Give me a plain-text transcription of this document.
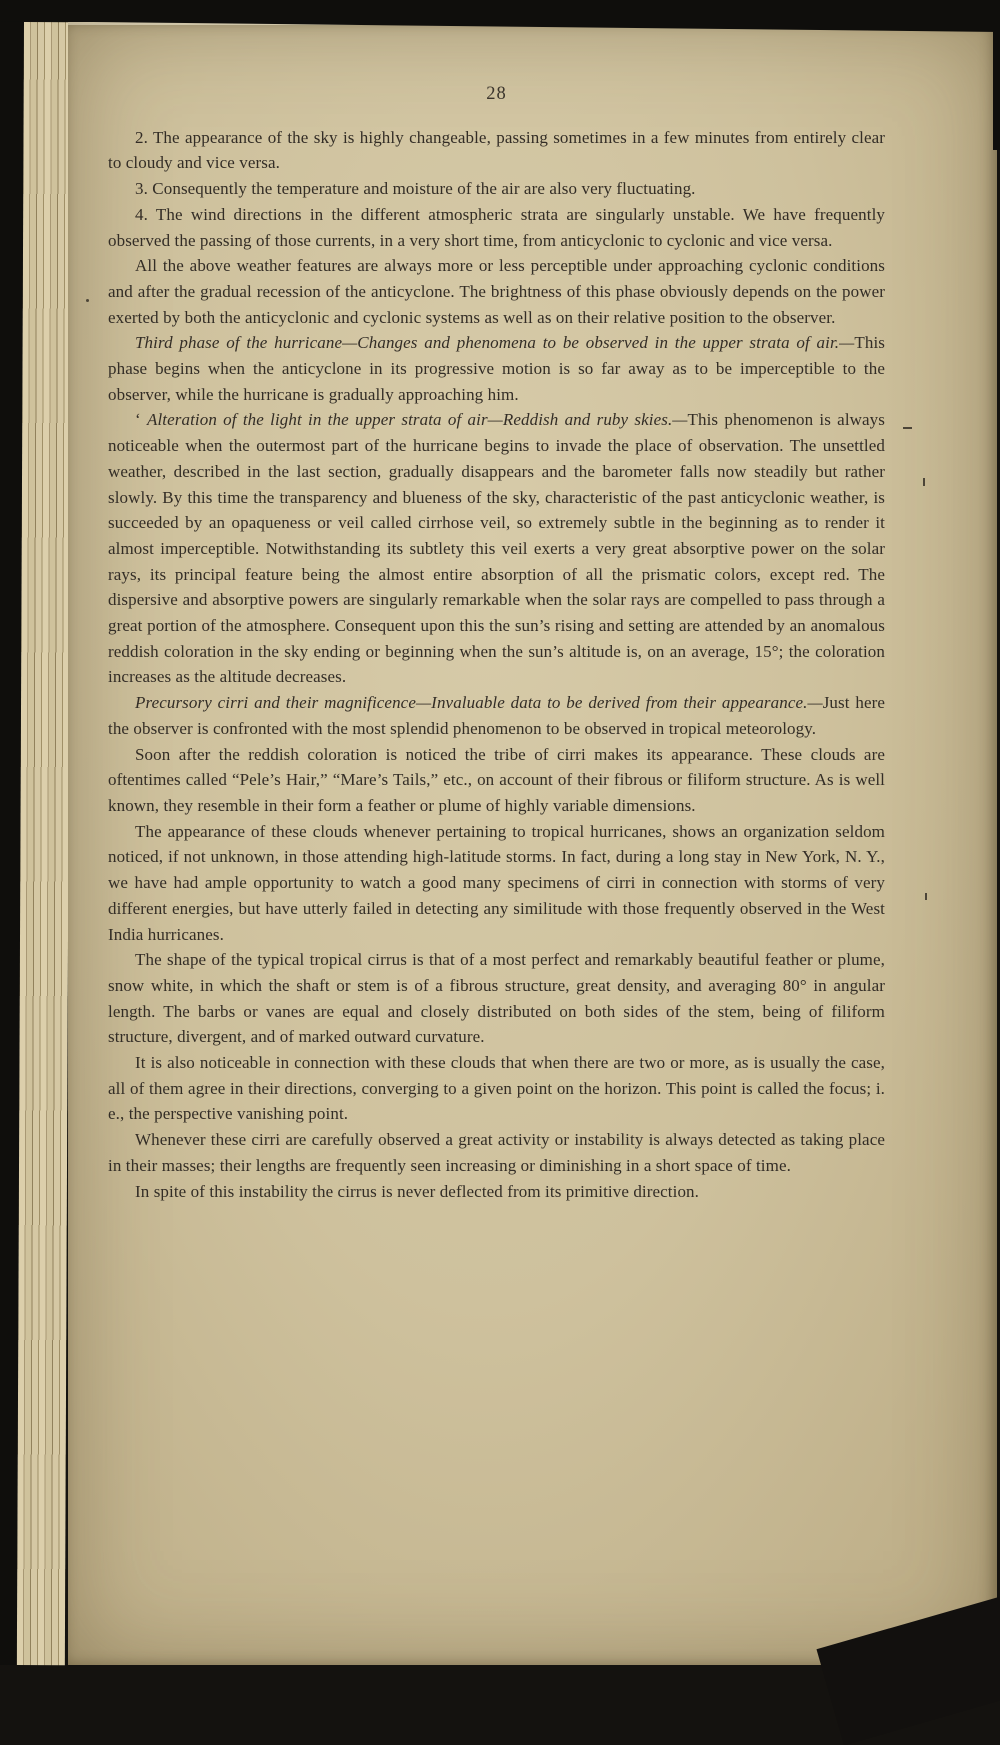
28

2. The appearance of the sky is highly changeable, passing sometimes in a few minutes from entirely clear to cloudy and vice versa.

3. Consequently the temperature and moisture of the air are also very fluctuating.

4. The wind directions in the different atmospheric strata are singularly unstable. We have frequently observed the passing of those currents, in a very short time, from anticyclonic to cyclonic and vice versa.

All the above weather features are always more or less perceptible under approaching cyclonic conditions and after the gradual recession of the anticyclone. The brightness of this phase obviously depends on the power exerted by both the anticyclonic and cyclonic systems as well as on their relative position to the observer.

Third phase of the hurricane—Changes and phenomena to be observed in the upper strata of air.—This phase begins when the anticyclone in its progressive motion is so far away as to be imperceptible to the observer, while the hurricane is gradually approaching him.

‘ Alteration of the light in the upper strata of air—Reddish and ruby skies.—This phenomenon is always noticeable when the outermost part of the hurricane begins to invade the place of observation. The unsettled weather, described in the last section, gradually disappears and the barometer falls now steadily but rather slowly. By this time the transparency and blueness of the sky, characteristic of the past anticyclonic weather, is succeeded by an opaqueness or veil called cirrhose veil, so extremely subtle in the beginning as to render it almost imperceptible. Notwithstanding its subtlety this veil exerts a very great absorptive power on the solar rays, its principal feature being the almost entire absorption of all the prismatic colors, except red. The dispersive and absorptive powers are singularly remarkable when the solar rays are compelled to pass through a great portion of the atmosphere. Consequent upon this the sun’s rising and setting are attended by an anomalous reddish coloration in the sky ending or beginning when the sun’s altitude is, on an average, 15°; the coloration increases as the altitude decreases.

Precursory cirri and their magnificence—Invaluable data to be derived from their appearance.—Just here the observer is confronted with the most splendid phenomenon to be observed in tropical meteorology.

Soon after the reddish coloration is noticed the tribe of cirri makes its appearance. These clouds are oftentimes called “Pele’s Hair,” “Mare’s Tails,” etc., on account of their fibrous or filiform structure. As is well known, they resemble in their form a feather or plume of highly variable dimensions.

The appearance of these clouds whenever pertaining to tropical hurricanes, shows an organization seldom noticed, if not unknown, in those attending high-latitude storms. In fact, during a long stay in New York, N. Y., we have had ample opportunity to watch a good many specimens of cirri in connection with storms of very different energies, but have utterly failed in detecting any similitude with those frequently observed in the West India hurricanes.

The shape of the typical tropical cirrus is that of a most perfect and remarkably beautiful feather or plume, snow white, in which the shaft or stem is of a fibrous structure, great density, and averaging 80° in angular length. The barbs or vanes are equal and closely distributed on both sides of the stem, being of filiform structure, divergent, and of marked outward curvature.

It is also noticeable in connection with these clouds that when there are two or more, as is usually the case, all of them agree in their directions, converging to a given point on the horizon. This point is called the focus; i. e., the perspective vanishing point.

Whenever these cirri are carefully observed a great activity or instability is always detected as taking place in their masses; their lengths are frequently seen increasing or diminishing in a short space of time.

In spite of this instability the cirrus is never deflected from its primitive direction.
